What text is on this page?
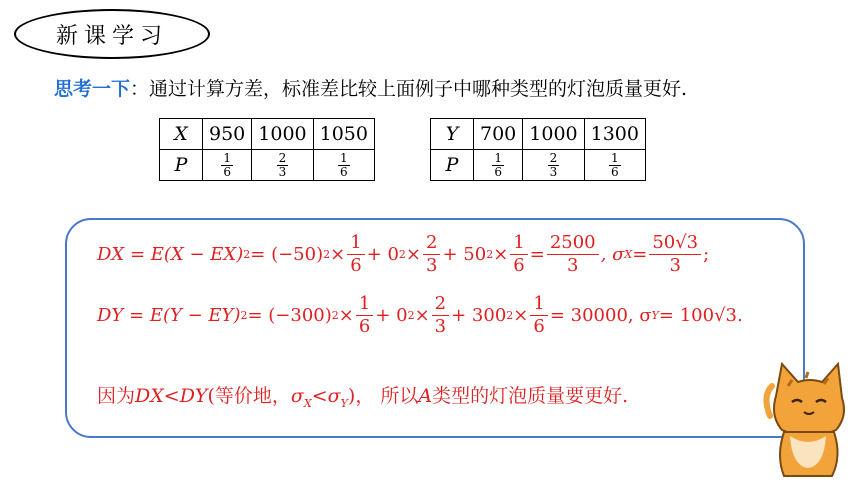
新课学习
思考一下：通过计算方差，标准差比较上面例子中哪种类型的灯泡质量更好.
X	950	1000	1050
P	$\frac{1}{6}$	$\frac{2}{3}$	$\frac{1}{6}$
Y	700	1000	1300
P	$\frac{1}{6}$	$\frac{2}{3}$	$\frac{1}{6}$
DX = E (X − EX) 2 = (−50) $2 \times \frac{1}{6} + 0$ $2 \times \frac{2}{3} + 50$ $2 \times \frac{1}{6} = \frac{2500}{3}$ , σ $X = \frac{50√3}{3}$ ;
DY = E (Y − EY) 2 = (−300) $2 \times \frac{1}{6} + 0$ $2 \times \frac{2}{3} + 300$ $2 \times \frac{1}{6} = 30000$, σ Y = 100√3.
因为DX<DY(等价地，$\sigma_X<\sigma_Y$)， 所以A类型的灯泡质量要更好.
